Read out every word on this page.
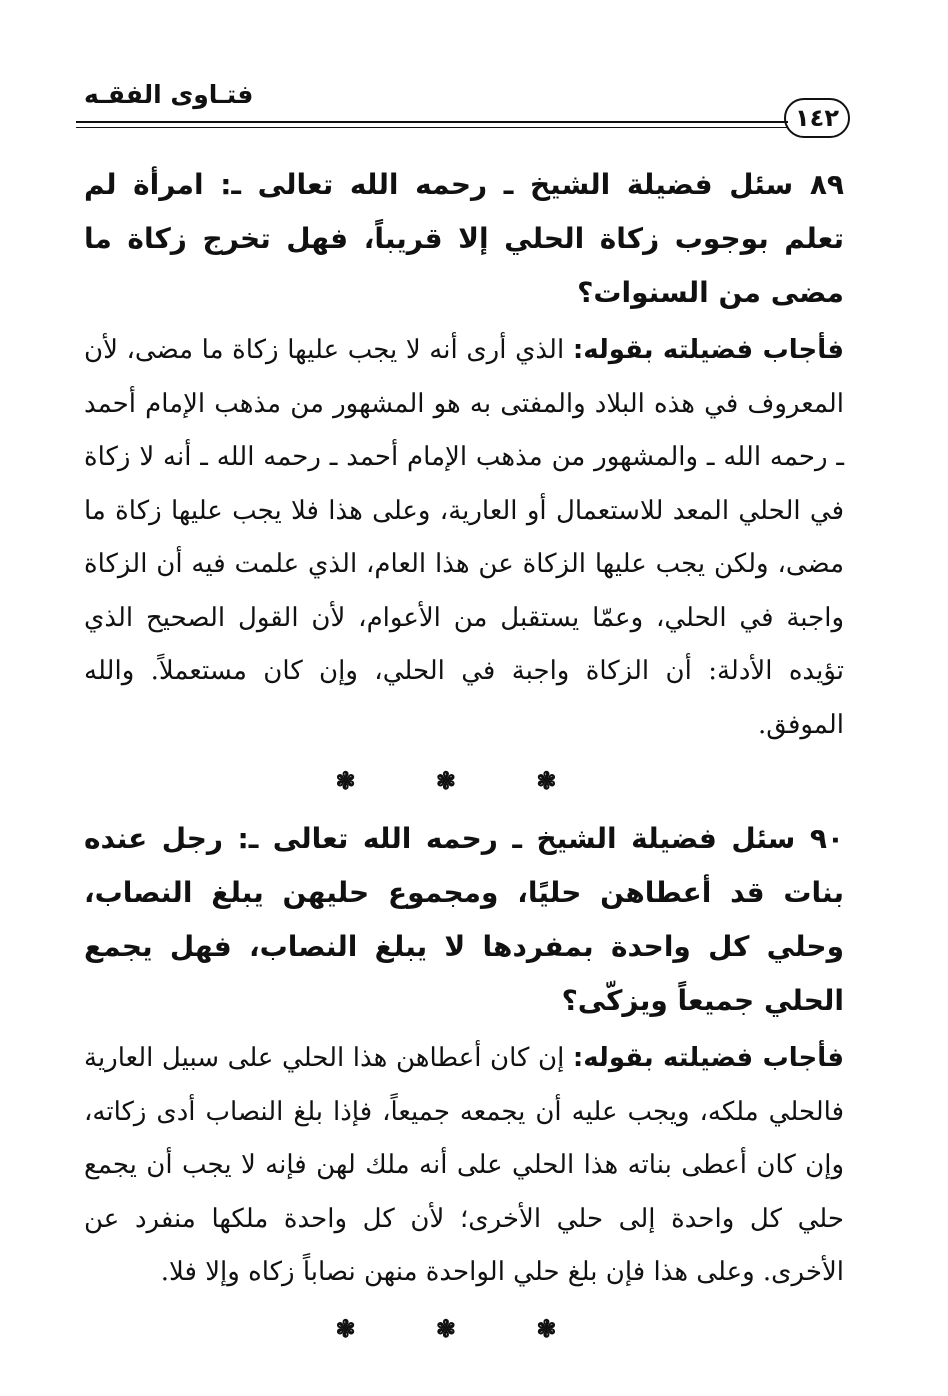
فتـاوى الفقـه
١٤٢

٨٩ سئل فضيلة الشيخ ـ رحمه الله تعالى ـ: امرأة لم تعلم بوجوب زكاة الحلي إلا قريباً، فهل تخرج زكاة ما مضى من السنوات؟

فأجاب فضيلته بقوله: الذي أرى أنه لا يجب عليها زكاة ما مضى، لأن المعروف في هذه البلاد والمفتى به هو المشهور من مذهب الإمام أحمد ـ رحمه الله ـ والمشهور من مذهب الإمام أحمد ـ رحمه الله ـ أنه لا زكاة في الحلي المعد للاستعمال أو العارية، وعلى هذا فلا يجب عليها زكاة ما مضى، ولكن يجب عليها الزكاة عن هذا العام، الذي علمت فيه أن الزكاة واجبة في الحلي، وعمّا يستقبل من الأعوام، لأن القول الصحيح الذي تؤيده الأدلة: أن الزكاة واجبة في الحلي، وإن كان مستعملاً. والله الموفق.

❃ ❃ ❃

٩٠ سئل فضيلة الشيخ ـ رحمه الله تعالى ـ: رجل عنده بنات قد أعطاهن حليًا، ومجموع حليهن يبلغ النصاب، وحلي كل واحدة بمفردها لا يبلغ النصاب، فهل يجمع الحلي جميعاً ويزكّى؟

فأجاب فضيلته بقوله: إن كان أعطاهن هذا الحلي على سبيل العارية فالحلي ملكه، ويجب عليه أن يجمعه جميعاً، فإذا بلغ النصاب أدى زكاته، وإن كان أعطى بناته هذا الحلي على أنه ملك لهن فإنه لا يجب أن يجمع حلي كل واحدة إلى حلي الأخرى؛ لأن كل واحدة ملكها منفرد عن الأخرى. وعلى هذا فإن بلغ حلي الواحدة منهن نصاباً زكاه وإلا فلا.

❃ ❃ ❃
